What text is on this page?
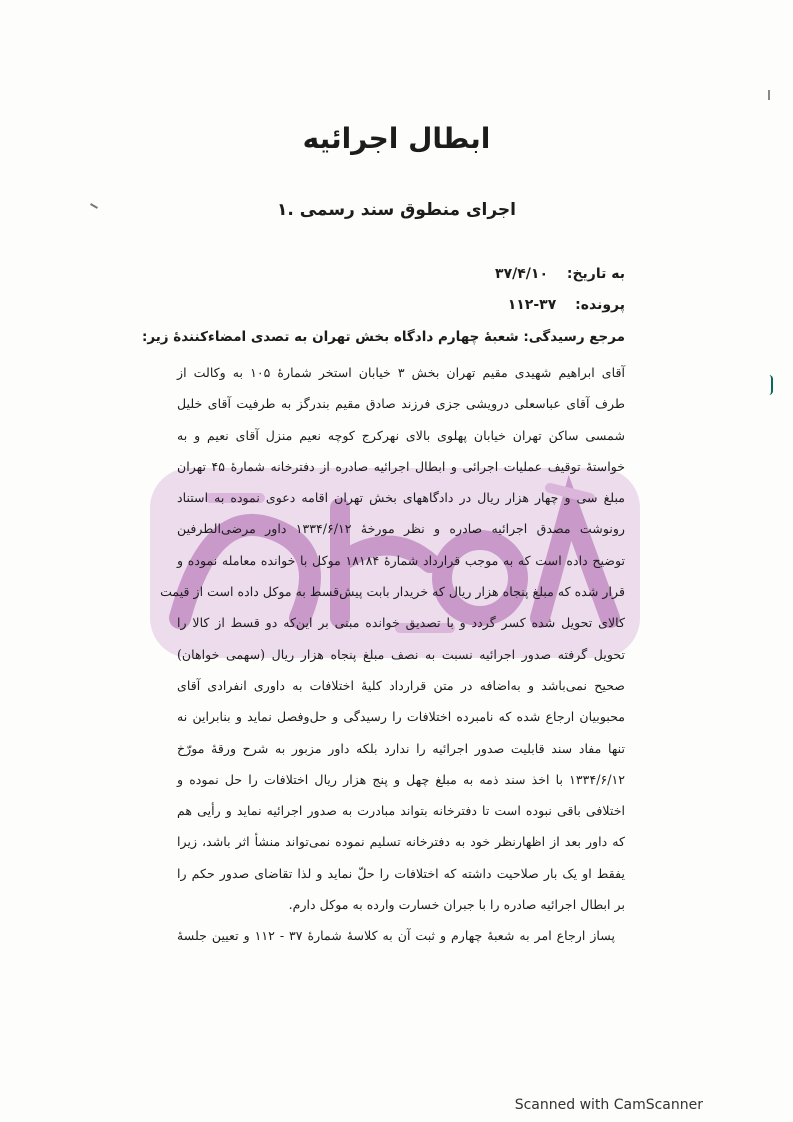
ابطال اجرائیه
۱. اجرای منطوق سند رسمی
به تاریخ: ۳۷/۴/۱۰
پرونده: ۳۷-۱۱۲
مرجع رسیدگی: شعبهٔ چهارم دادگاه بخش تهران به تصدی امضاءکنندهٔ زیر:
آقای ابراهیم شهیدی مقیم تهران بخش ۳ خیابان استخر شمارهٔ ۱۰۵ به وکالت از
طرف آقای عباسعلی درویشی جزی فرزند صادق مقیم بندرگز به طرفیت آقای خلیل
شمسی ساکن تهران خیابان پهلوی بالای نهرکرج کوچه نعیم منزل آقای نعیم و به
خواستهٔ توقیف عملیات اجرائی و ابطال اجرائیه صادره از دفترخانه شمارهٔ ۴۵ تهران
مبلغ سی و چهار هزار ریال در دادگاههای بخش تهران اقامه دعوی نموده به استناد
رونوشت مصدق اجرائیه صادره و نظر مورخهٔ ۱۳۳۴/۶/۱۲ داور مرضی‌الطرفین
توضیح داده است که به موجب قرارداد شمارهٔ ۱۸۱۸۴ موکل با خوانده معامله نموده و
قرار شده که مبلغ پنجاه هزار ریال که خریدار بابت پیش‌قسط به موکل داده است از قیمت
کالای تحویل شده کسر گردد و با تصدیق خوانده مبنی بر این‌که دو قسط از کالا را
تحویل گرفته صدور اجرائیه نسبت به نصف مبلغ پنجاه هزار ریال (سهمی خواهان)
صحیح نمی‌باشد و به‌اضافه در متن قرارداد کلیهٔ اختلافات به داوری انفرادی آقای
محبوبیان ارجاع شده که نامبرده اختلافات را رسیدگی و حل‌وفصل نماید و بنابراین نه
تنها مفاد سند قابلیت صدور اجرائیه را ندارد بلکه داور مزبور به شرح ورقهٔ مورّخ
۱۳۳۴/۶/۱۲ با اخذ سند ذمه به مبلغ چهل و پنج هزار ریال اختلافات را حل نموده و
اختلافی باقی نبوده است تا دفترخانه بتواند مبادرت به صدور اجرائیه نماید و رأیی هم
که داور بعد از اظهارنظر خود به دفترخانه تسلیم نموده نمی‌تواند منشأ اثر باشد، زیرا
یفقط او یک بار صلاحیت داشته که اختلافات را حلّ نماید و لذا تقاضای صدور حکم را
بر ابطال اجرائیه صادره را با جبران خسارت وارده به موکل دارم.
پساز ارجاع امر به شعبهٔ چهارم و ثبت آن به کلاسهٔ شمارهٔ ۳۷ - ۱۱۲ و تعیین جلسهٔ
Scanned with CamScanner
